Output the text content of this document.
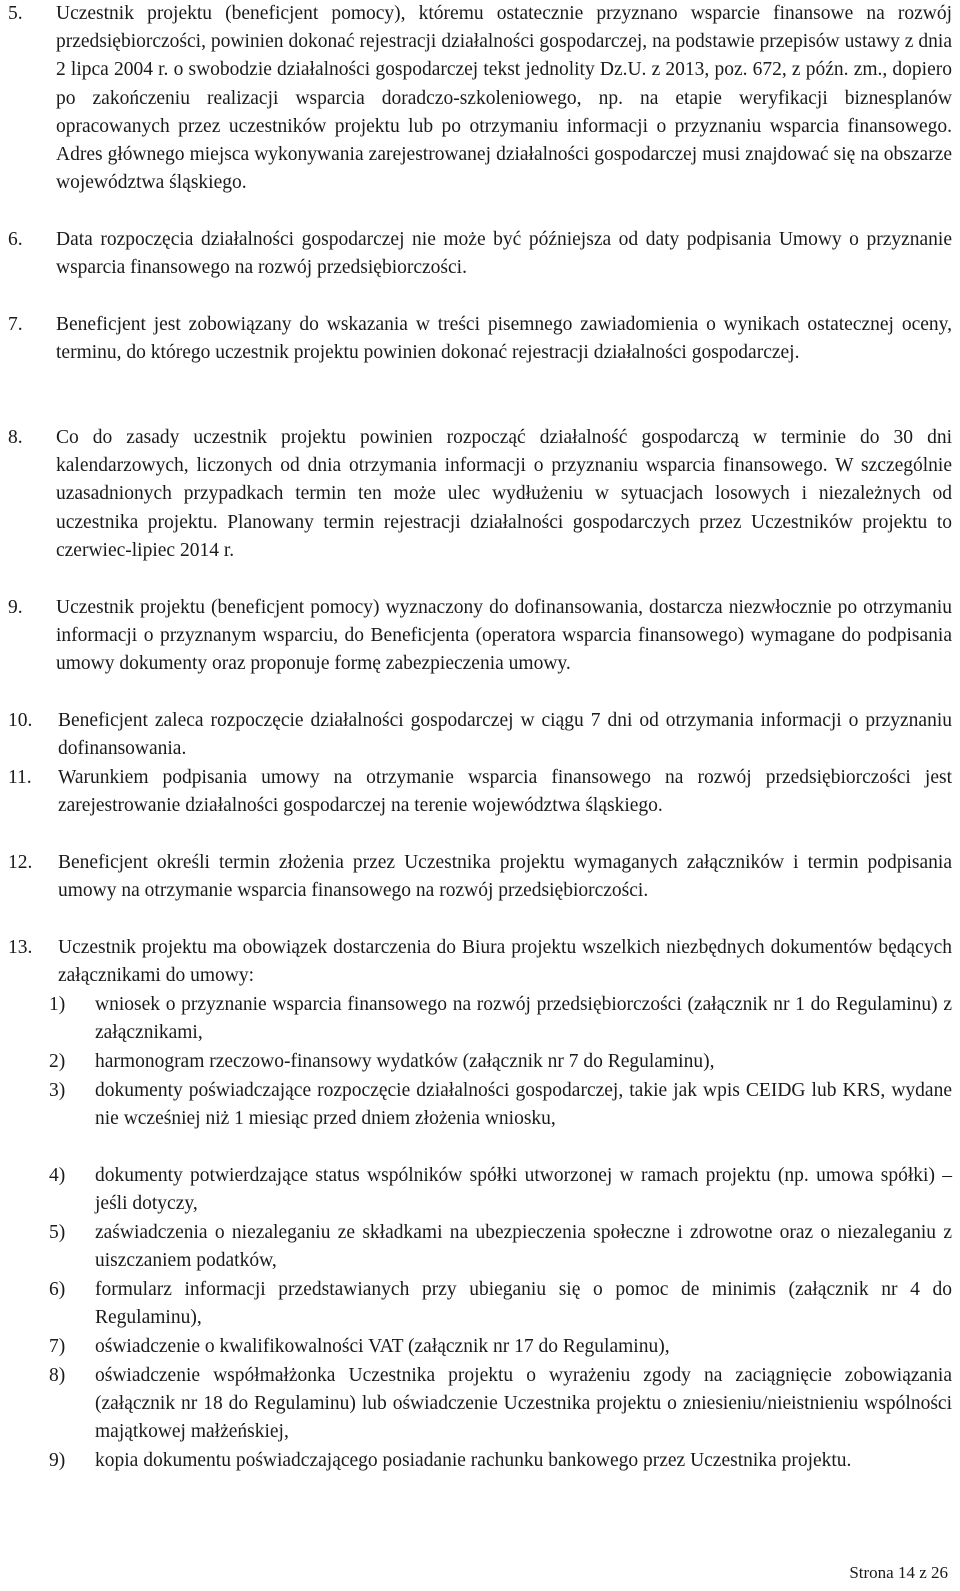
5. Uczestnik projektu (beneficjent pomocy), któremu ostatecznie przyznano wsparcie finansowe na rozwój przedsiębiorczości, powinien dokonać rejestracji działalności gospodarczej, na podstawie przepisów ustawy z dnia 2 lipca 2004 r. o swobodzie działalności gospodarczej tekst jednolity Dz.U. z 2013, poz. 672, z późn. zm., dopiero po zakończeniu realizacji wsparcia doradczo-szkoleniowego, np. na etapie weryfikacji biznesplanów opracowanych przez uczestników projektu lub po otrzymaniu informacji o przyznaniu wsparcia finansowego. Adres głównego miejsca wykonywania zarejestrowanej działalności gospodarczej musi znajdować się na obszarze województwa śląskiego.
6. Data rozpoczęcia działalności gospodarczej nie może być późniejsza od daty podpisania Umowy o przyznanie wsparcia finansowego na rozwój przedsiębiorczości.
7. Beneficjent jest zobowiązany do wskazania w treści pisemnego zawiadomienia o wynikach ostatecznej oceny, terminu, do którego uczestnik projektu powinien dokonać rejestracji działalności gospodarczej.
8. Co do zasady uczestnik projektu powinien rozpocząć działalność gospodarczą w terminie do 30 dni kalendarzowych, liczonych od dnia otrzymania informacji o przyznaniu wsparcia finansowego. W szczególnie uzasadnionych przypadkach termin ten może ulec wydłużeniu w sytuacjach losowych i niezależnych od uczestnika projektu. Planowany termin rejestracji działalności gospodarczych przez Uczestników projektu to czerwiec-lipiec 2014 r.
9. Uczestnik projektu (beneficjent pomocy) wyznaczony do dofinansowania, dostarcza niezwłocznie po otrzymaniu informacji o przyznanym wsparciu, do Beneficjenta (operatora wsparcia finansowego) wymagane do podpisania umowy dokumenty oraz proponuje formę zabezpieczenia umowy.
10. Beneficjent zaleca rozpoczęcie działalności gospodarczej w ciągu 7 dni od otrzymania informacji o przyznaniu dofinansowania.
11. Warunkiem podpisania umowy na otrzymanie wsparcia finansowego na rozwój przedsiębiorczości jest zarejestrowanie działalności gospodarczej na terenie województwa śląskiego.
12. Beneficjent określi termin złożenia przez Uczestnika projektu wymaganych załączników i termin podpisania umowy na otrzymanie wsparcia finansowego na rozwój przedsiębiorczości.
13. Uczestnik projektu ma obowiązek dostarczenia do Biura projektu wszelkich niezbędnych dokumentów będących załącznikami do umowy:
1) wniosek o przyznanie wsparcia finansowego na rozwój przedsiębiorczości (załącznik nr 1 do Regulaminu) z załącznikami,
2) harmonogram rzeczowo-finansowy wydatków (załącznik nr 7 do Regulaminu),
3) dokumenty poświadczające rozpoczęcie działalności gospodarczej, takie jak wpis CEIDG lub KRS, wydane nie wcześniej niż 1 miesiąc przed dniem złożenia wniosku,
4) dokumenty potwierdzające status wspólników spółki utworzonej w ramach projektu (np. umowa spółki) – jeśli dotyczy,
5) zaświadczenia o niezaleganiu ze składkami na ubezpieczenia społeczne i zdrowotne oraz o niezaleganiu z uiszczaniem podatków,
6) formularz informacji przedstawianych przy ubieganiu się o pomoc de minimis (załącznik nr 4 do Regulaminu),
7) oświadczenie o kwalifikowalności VAT (załącznik nr 17 do Regulaminu),
8) oświadczenie współmałżonka Uczestnika projektu o wyrażeniu zgody na zaciągnięcie zobowiązania (załącznik nr 18 do Regulaminu) lub oświadczenie Uczestnika projektu o zniesieniu/nieistnieniu wspólności majątkowej małżeńskiej,
9) kopia dokumentu poświadczającego posiadanie rachunku bankowego przez Uczestnika projektu.
Strona 14 z 26
